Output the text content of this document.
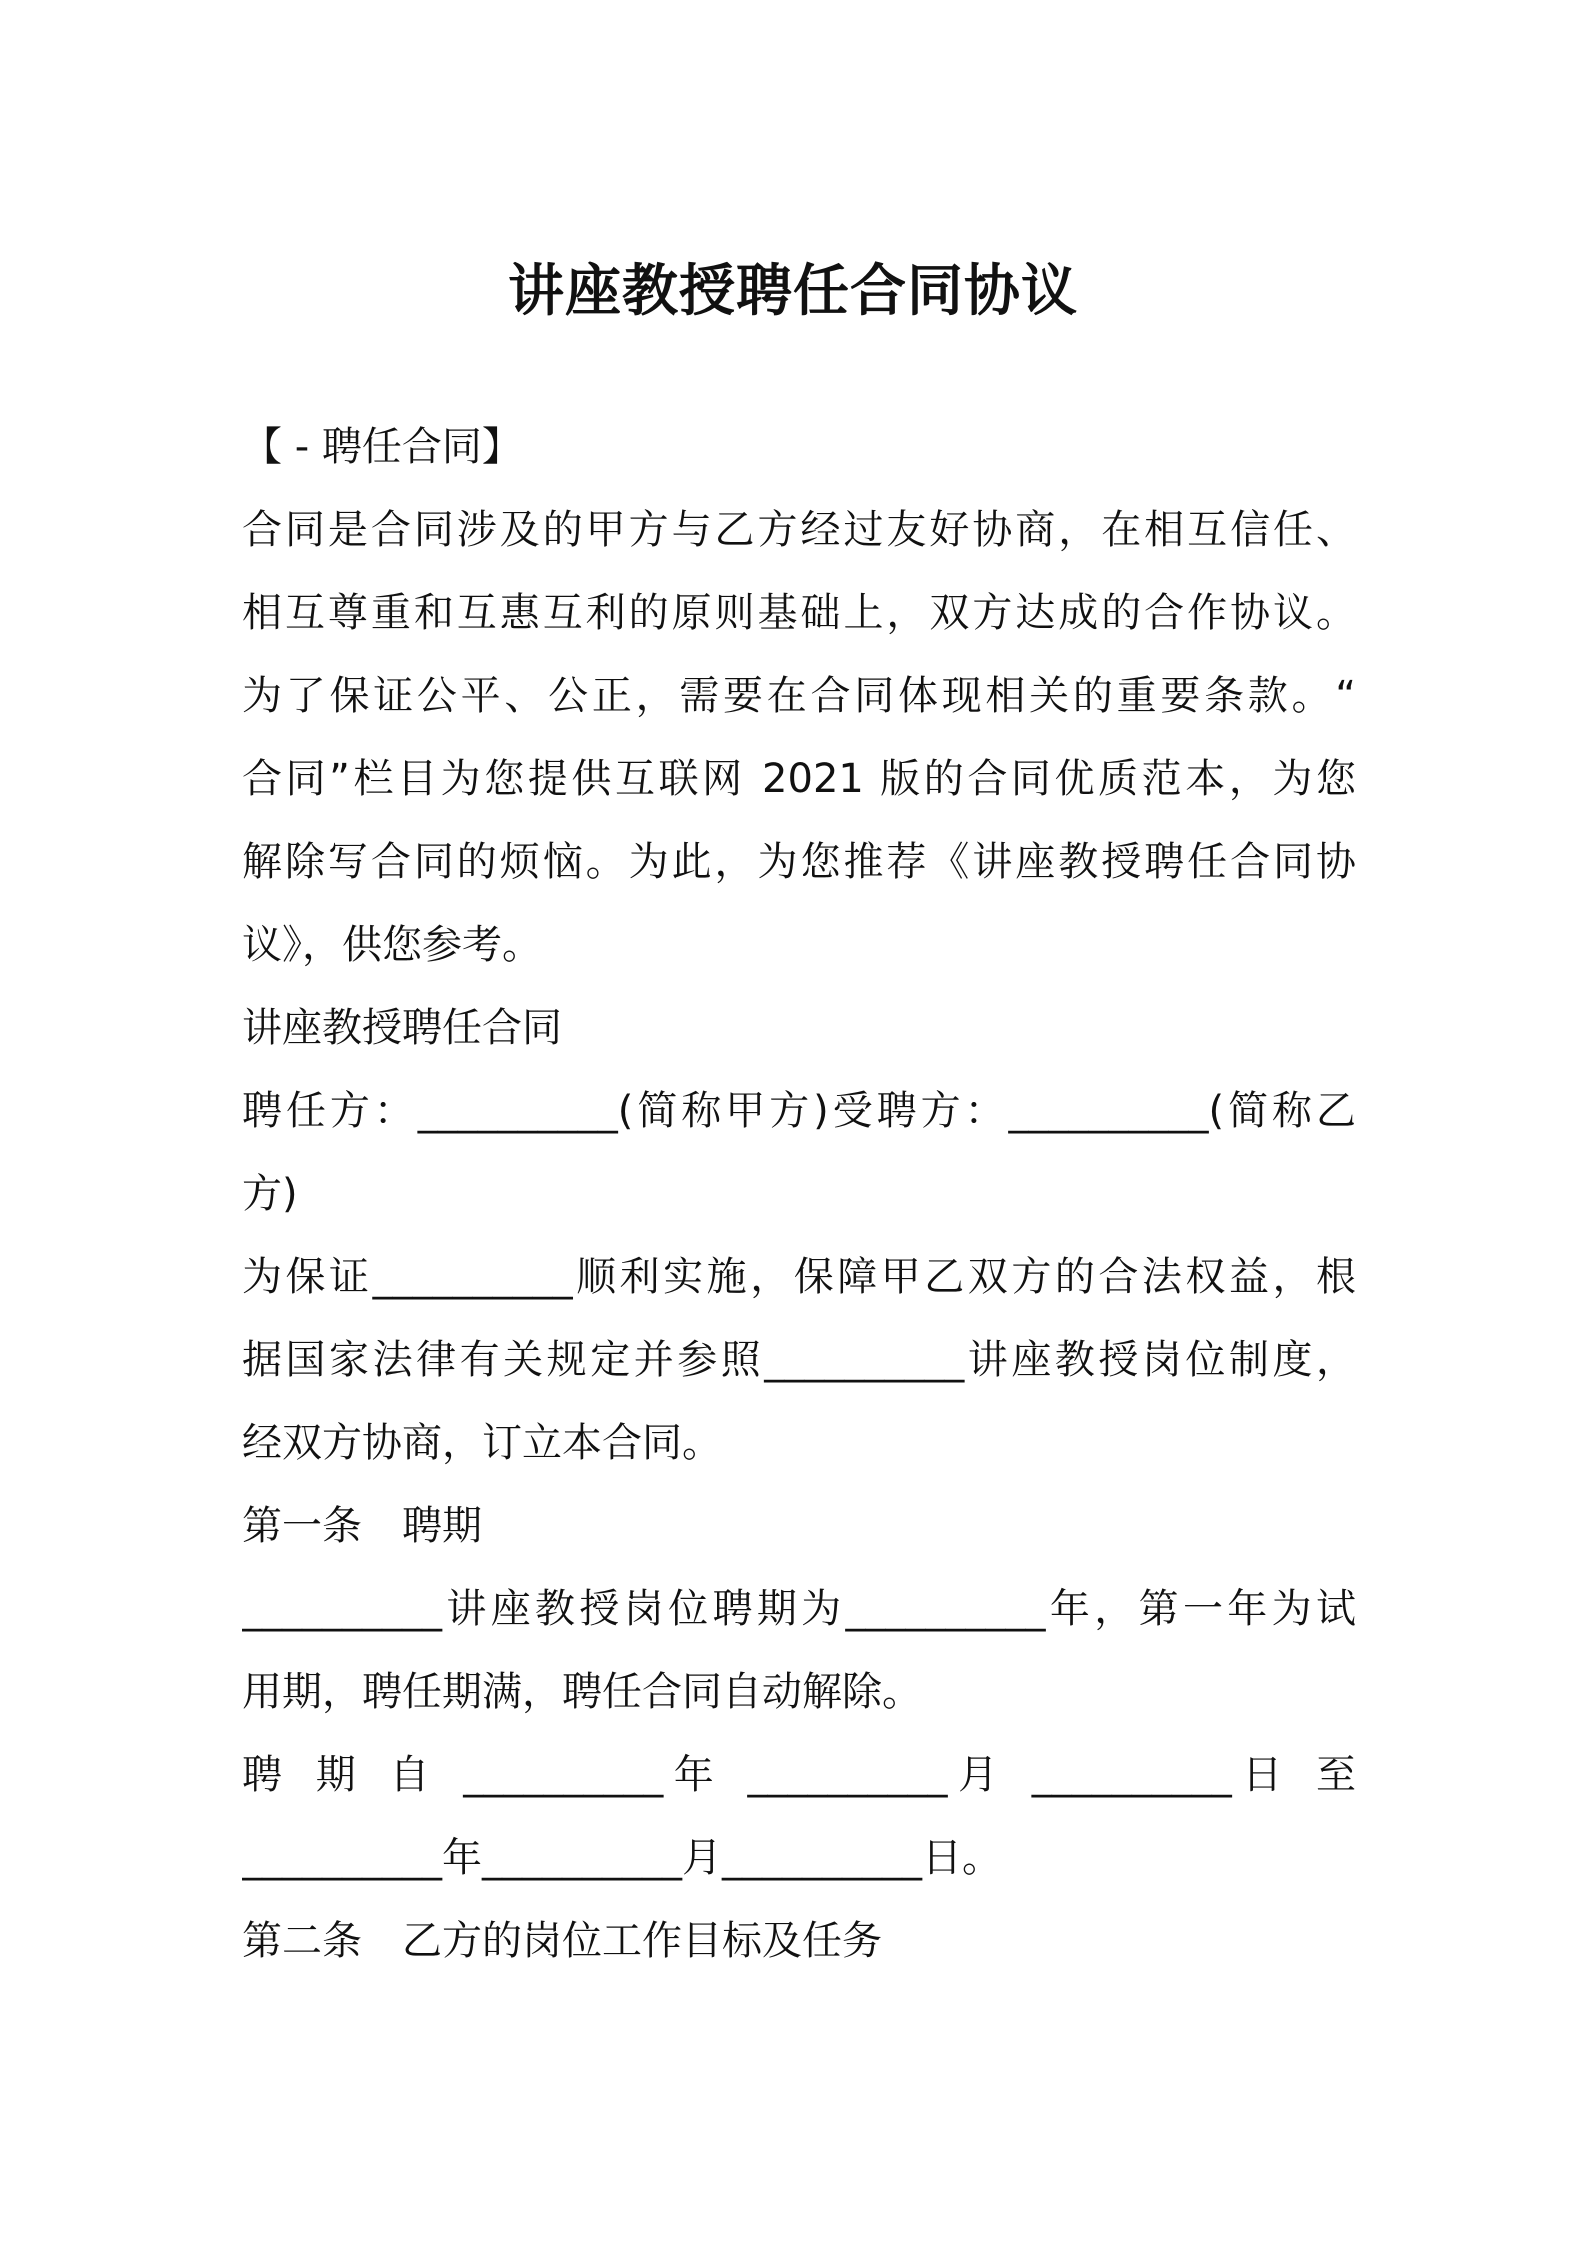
讲座教授聘任合同协议

【 - 聘任合同】

合同是合同涉及的甲方与乙方经过友好协商，在相互信任、

相互尊重和互惠互利的原则基础上，双方达成的合作协议。

为了保证公平、公正，需要在合同体现相关的重要条款。“

合同”栏目为您提供互联网 2021 版的合同优质范本，为您

解除写合同的烦恼。为此，为您推荐《讲座教授聘任合同协

议》，供您参考。

讲座教授聘任合同

聘任方：__________(简称甲方)受聘方：__________(简称乙

方)

为保证__________顺利实施，保障甲乙双方的合法权益，根

据国家法律有关规定并参照__________讲座教授岗位制度，

经双方协商，订立本合同。

第一条　聘期

__________讲座教授岗位聘期为__________年，第一年为试

用期，聘任期满，聘任合同自动解除。

聘 期 自 __________年 __________月 __________日 至

__________年__________月__________日。

第二条　乙方的岗位工作目标及任务
